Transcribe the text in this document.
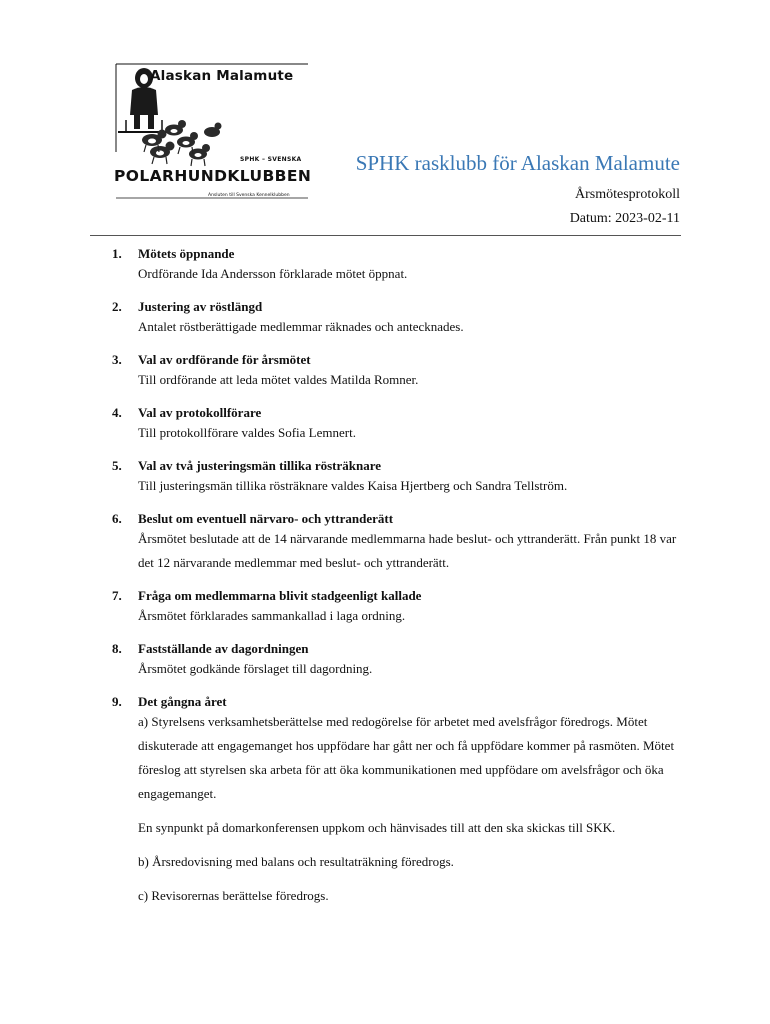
Alaskan Malamute
SPHK – SVENSKA
POLARHUNDKLUBBEN
Ansluten till Svenska Kennelklubben
SPHK rasklubb för Alaskan Malamute
Årsmötesprotokoll
Datum: 2023-02-11
1. Mötets öppnande
Ordförande Ida Andersson förklarade mötet öppnat.
2. Justering av röstlängd
Antalet röstberättigade medlemmar räknades och antecknades.
3. Val av ordförande för årsmötet
Till ordförande att leda mötet valdes Matilda Romner.
4. Val av protokollförare
Till protokollförare valdes Sofia Lemnert.
5. Val av två justeringsmän tillika rösträknare
Till justeringsmän tillika rösträknare valdes Kaisa Hjertberg och Sandra Tellström.
6. Beslut om eventuell närvaro- och yttranderätt
Årsmötet beslutade att de 14 närvarande medlemmarna hade beslut- och yttranderätt. Från punkt 18 var det 12 närvarande medlemmar med beslut- och yttranderätt.
7. Fråga om medlemmarna blivit stadgeenligt kallade
Årsmötet förklarades sammankallad i laga ordning.
8. Fastställande av dagordningen
Årsmötet godkände förslaget till dagordning.
9. Det gångna året
a) Styrelsens verksamhetsberättelse med redogörelse för arbetet med avelsfrågor föredrogs. Mötet diskuterade att engagemanget hos uppfödare har gått ner och få uppfödare kommer på rasmöten. Mötet föreslog att styrelsen ska arbeta för att öka kommunikationen med uppfödare om avelsfrågor och öka engagemanget.
En synpunkt på domarkonferensen uppkom och hänvisades till att den ska skickas till SKK.
b) Årsredovisning med balans och resultaträkning föredrogs.
c) Revisorernas berättelse föredrogs.
